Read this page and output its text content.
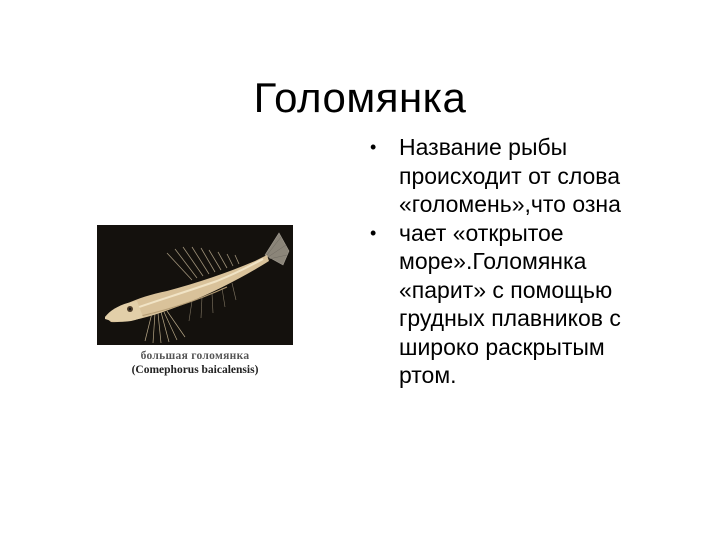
Голомянка
большая голомянка
(Comephorus baicalensis)
• Название рыбы
происходит от слова
«голомень»,что озна
• чает «открытое
море».Голомянка
«парит» с помощью
грудных плавников с
широко раскрытым
ртом.
